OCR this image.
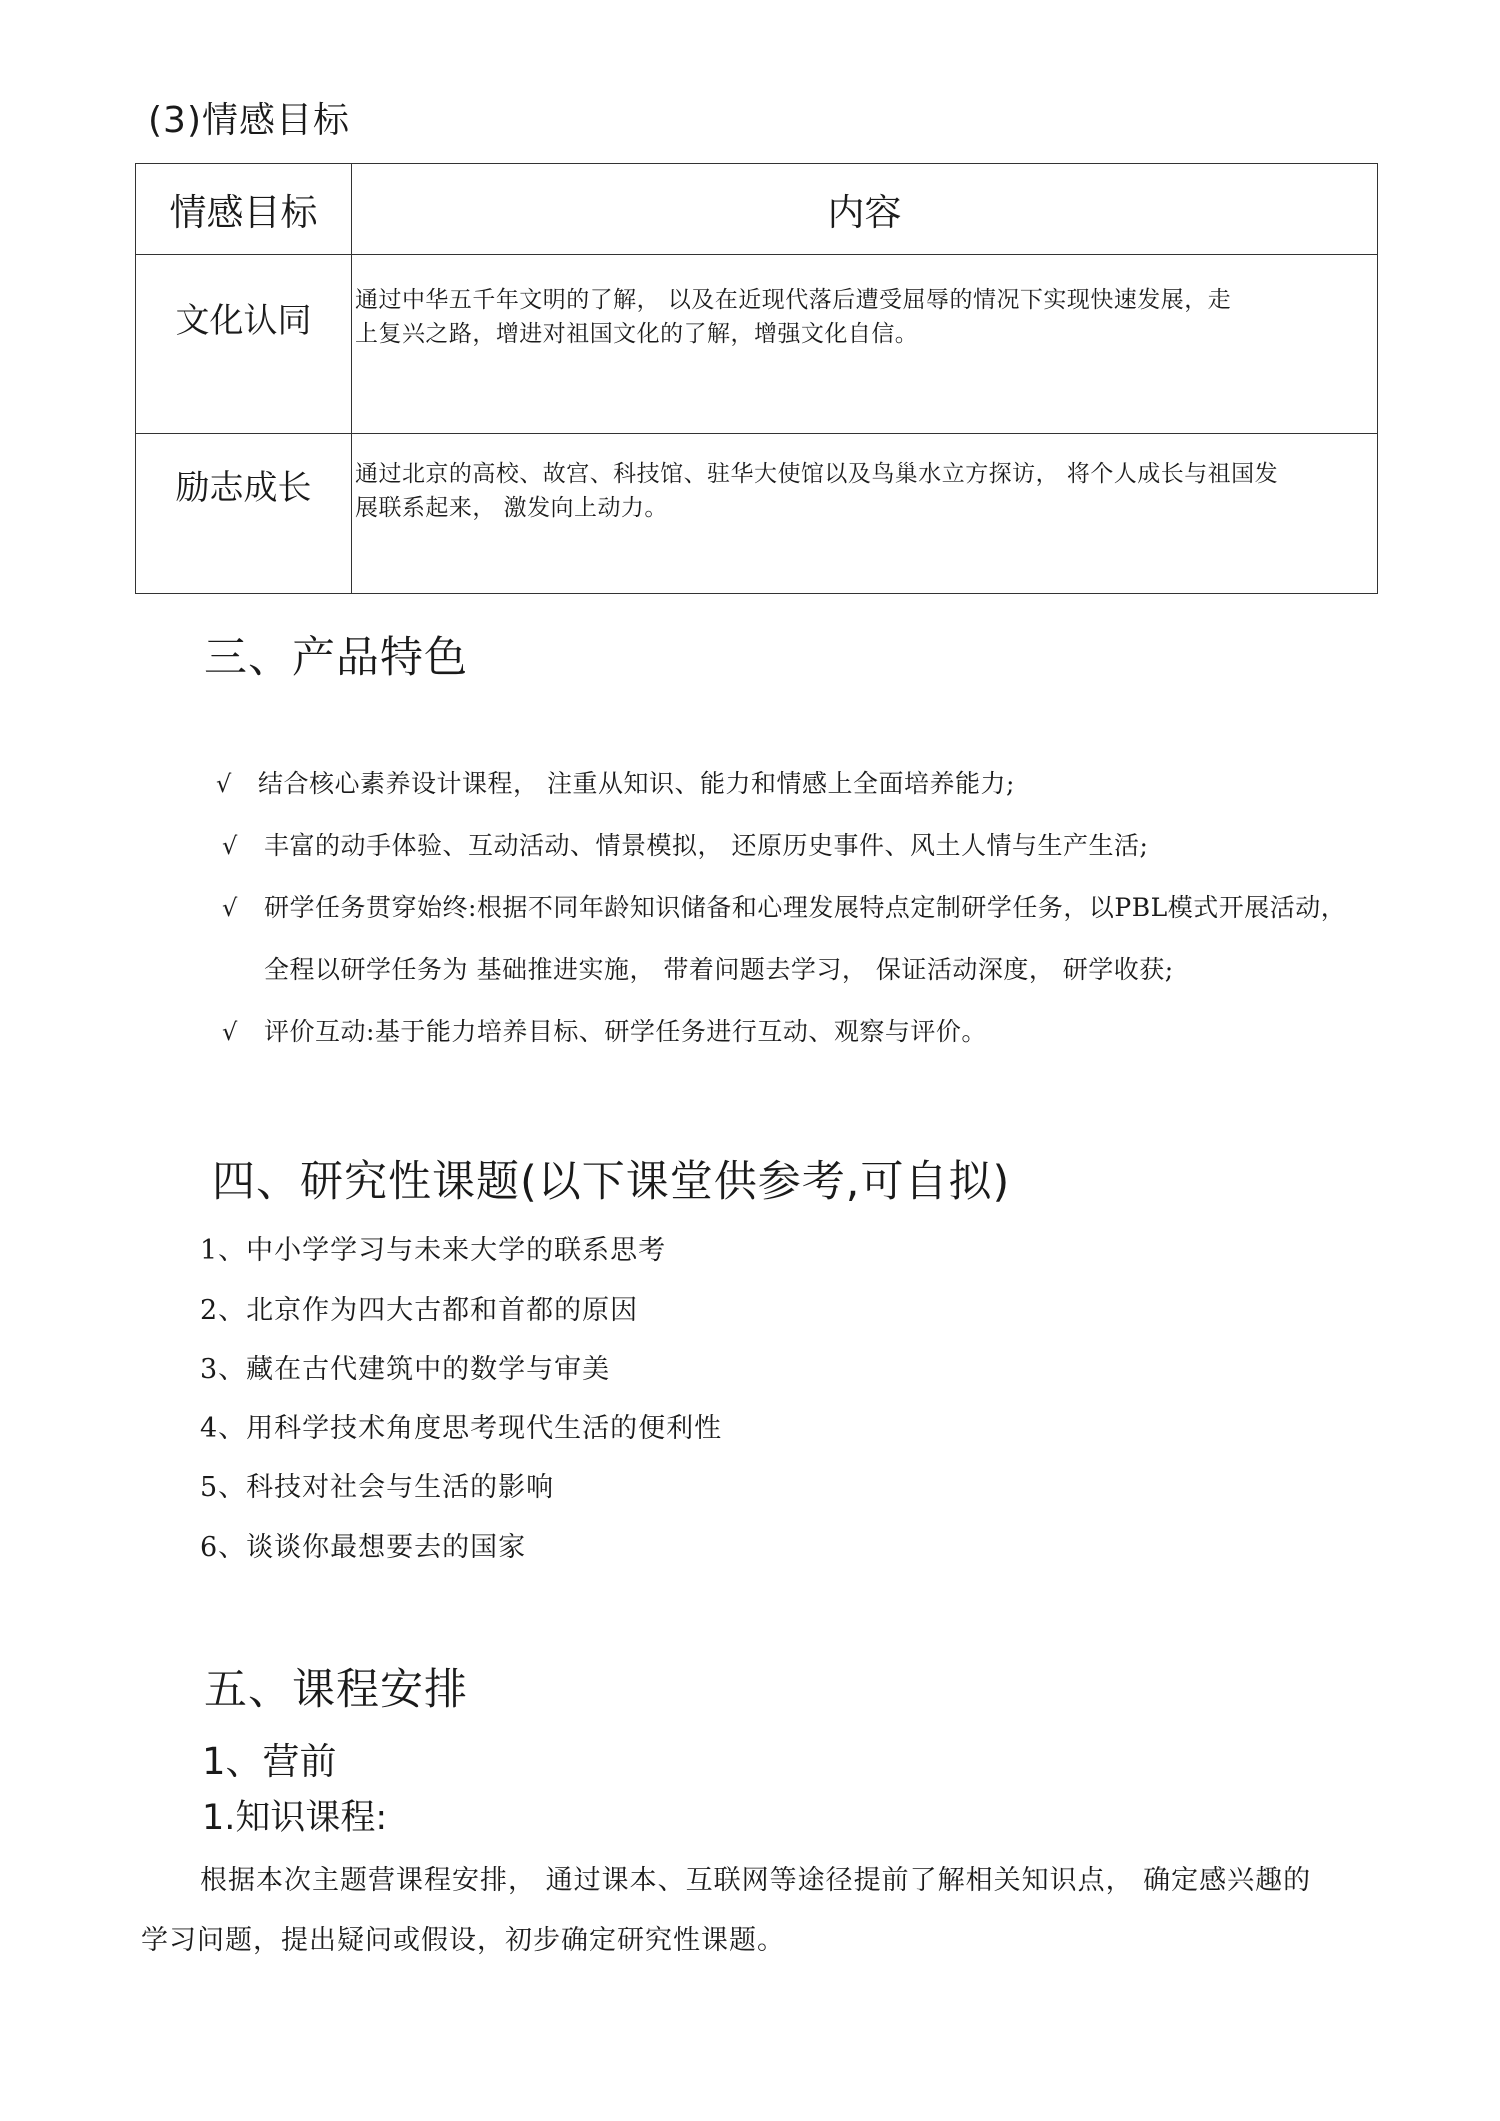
(3)情感目标
情感目标	内容
文化认同	通过中华五千年文明的了解， 以及在近现代落后遭受屈辱的情况下实现快速发展，走
上复兴之路，增进对祖国文化的了解，增强文化自信。

励志成长	通过北京的高校、故宫、科技馆、驻华大使馆以及鸟巢水立方探访， 将个人成长与祖国发
展联系起来， 激发向上动力。
三、产品特色
√ 结合核心素养设计课程， 注重从知识、能力和情感上全面培养能力;
√ 丰富的动手体验、互动活动、情景模拟， 还原历史事件、风土人情与生产生活;
√ 研学任务贯穿始终:根据不同年龄知识储备和心理发展特点定制研学任务，以PBL模式开展活动，
全程以研学任务为 基础推进实施， 带着问题去学习， 保证活动深度， 研学收获;
√ 评价互动:基于能力培养目标、研学任务进行互动、观察与评价。
四、研究性课题(以下课堂供参考,可自拟)
1、中小学学习与未来大学的联系思考
2、北京作为四大古都和首都的原因
3、藏在古代建筑中的数学与审美
4、用科学技术角度思考现代生活的便利性
5、科技对社会与生活的影响
6、谈谈你最想要去的国家
五、课程安排
1、营前
1.知识课程:
根据本次主题营课程安排， 通过课本、互联网等途径提前了解相关知识点， 确定感兴趣的
学习问题，提出疑问或假设，初步确定研究性课题。
